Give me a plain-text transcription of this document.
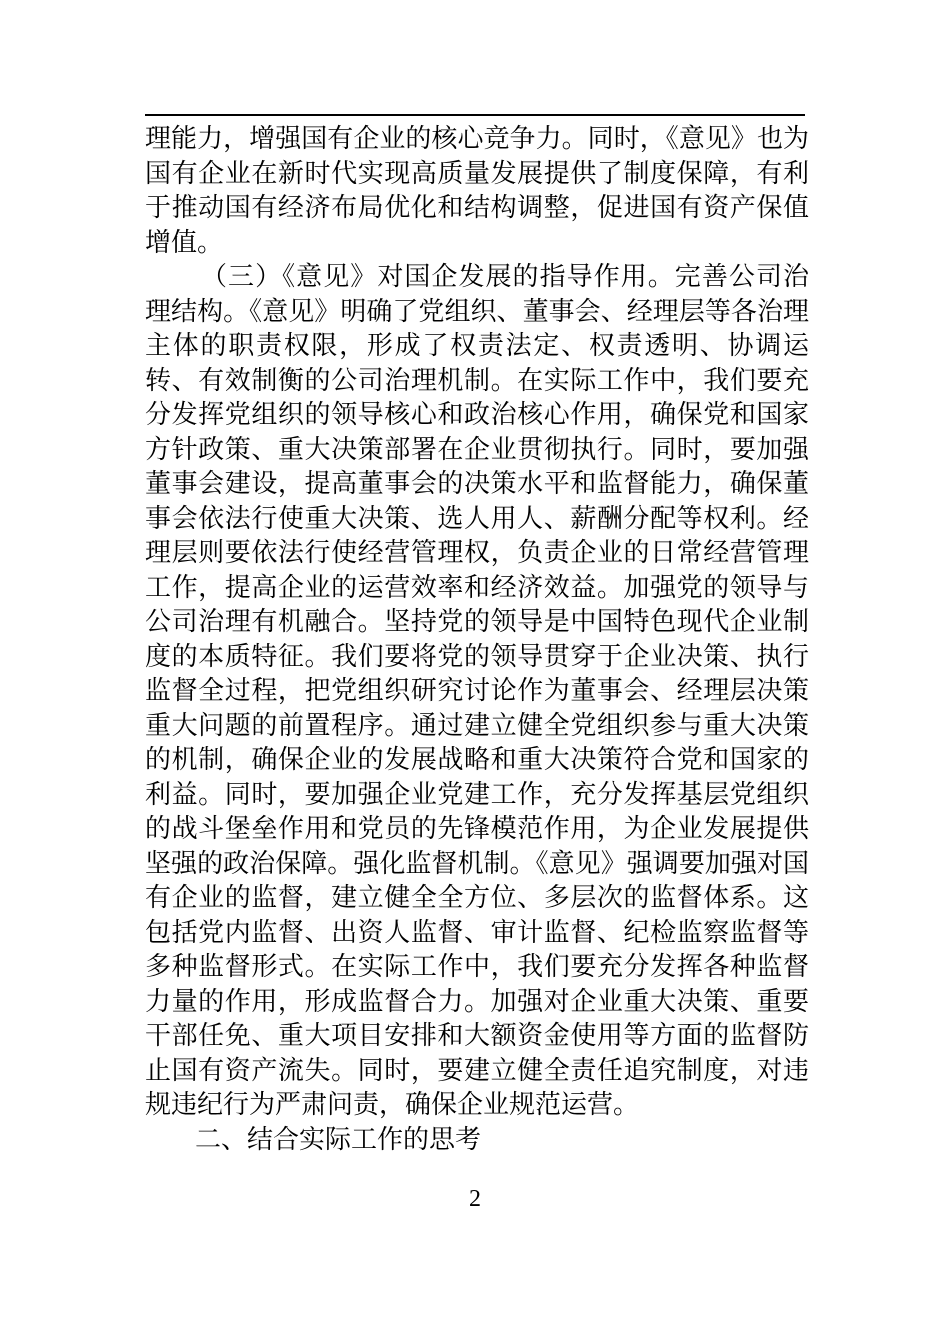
理能力，增强国有企业的核心竞争力。同时，《意见》也为国有企业在新时代实现高质量发展提供了制度保障，有利于推动国有经济布局优化和结构调整，促进国有资产保值增值。

（三）《意见》对国企发展的指导作用。完善公司治理结构。《意见》明确了党组织、董事会、经理层等各治理主体的职责权限，形成了权责法定、权责透明、协调运转、有效制衡的公司治理机制。在实际工作中，我们要充分发挥党组织的领导核心和政治核心作用，确保党和国家方针政策、重大决策部署在企业贯彻执行。同时，要加强董事会建设，提高董事会的决策水平和监督能力，确保董事会依法行使重大决策、选人用人、薪酬分配等权利。经理层则要依法行使经营管理权，负责企业的日常经营管理工作，提高企业的运营效率和经济效益。加强党的领导与公司治理有机融合。坚持党的领导是中国特色现代企业制度的本质特征。我们要将党的领导贯穿于企业决策、执行监督全过程，把党组织研究讨论作为董事会、经理层决策重大问题的前置程序。通过建立健全党组织参与重大决策的机制，确保企业的发展战略和重大决策符合党和国家的利益。同时，要加强企业党建工作，充分发挥基层党组织的战斗堡垒作用和党员的先锋模范作用，为企业发展提供坚强的政治保障。强化监督机制。《意见》强调要加强对国有企业的监督，建立健全全方位、多层次的监督体系。这包括党内监督、出资人监督、审计监督、纪检监察监督等多种监督形式。在实际工作中，我们要充分发挥各种监督力量的作用，形成监督合力。加强对企业重大决策、重要干部任免、重大项目安排和大额资金使用等方面的监督防止国有资产流失。同时，要建立健全责任追究制度，对违规违纪行为严肃问责，确保企业规范运营。

二、结合实际工作的思考

2
